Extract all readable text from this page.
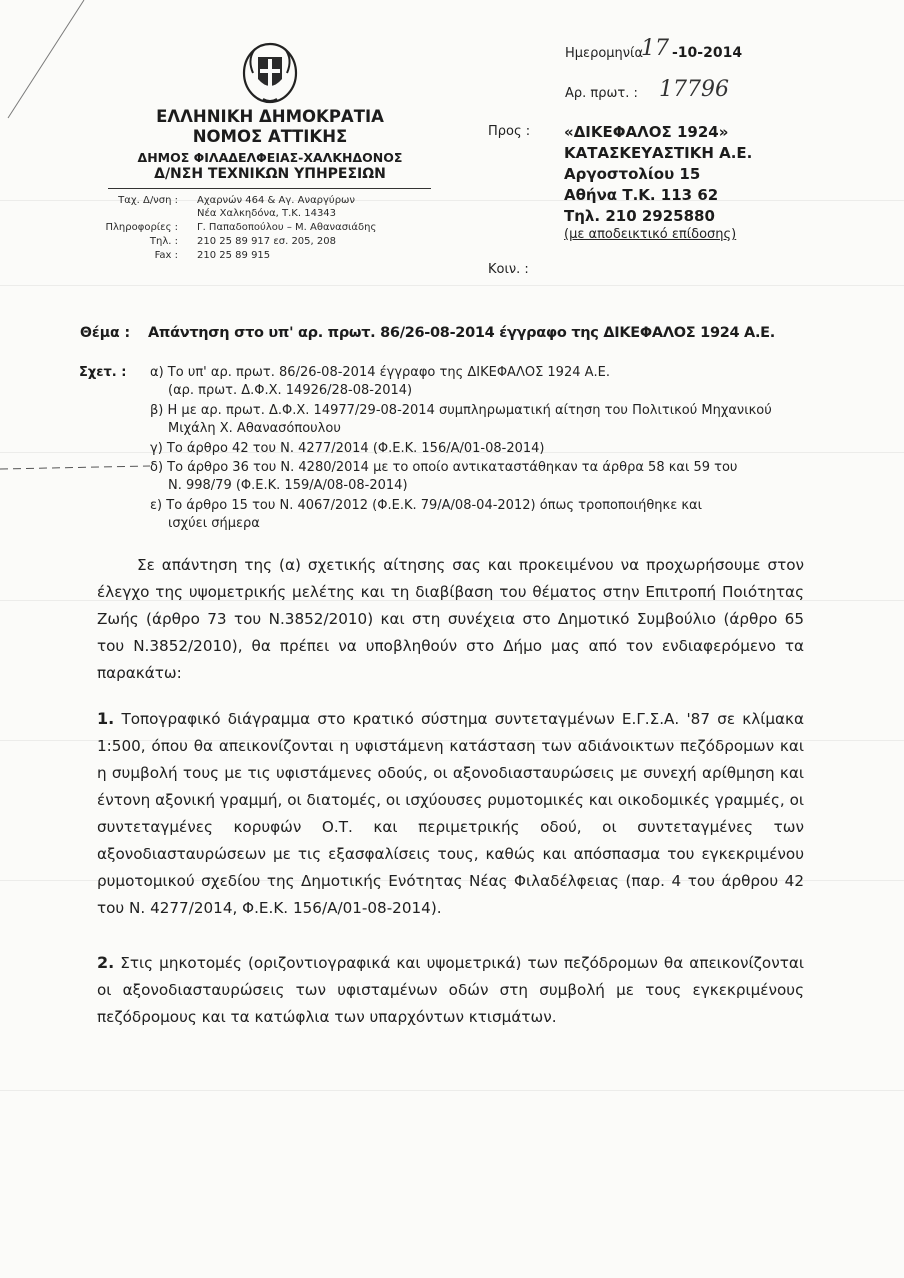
ΕΛΛΗΝΙΚΗ ΔΗΜΟΚΡΑΤΙΑ
ΝΟΜΟΣ ΑΤΤΙΚΗΣ
ΔΗΜΟΣ ΦΙΛΑΔΕΛΦΕΙΑΣ-ΧΑΛΚΗΔΟΝΟΣ
Δ/ΝΣΗ ΤΕΧΝΙΚΩΝ ΥΠΗΡΕΣΙΩΝ
Ταχ. Δ/νση : Αχαρνών 464 & Αγ. Αναργύρων
Νέα Χαλκηδόνα, Τ.Κ. 14343
Πληροφορίες : Γ. Παπαδοπούλου – Μ. Αθανασιάδης
Τηλ. : 210 25 89 917 εσ. 205, 208
Fax : 210 25 89 915
Ημερομηνία
17 -10-2014
Αρ. πρωτ. : 17796
Προς : «ΔΙΚΕΦΑΛΟΣ 1924»
ΚΑΤΑΣΚΕΥΑΣΤΙΚΗ Α.Ε.
Αργοστολίου 15
Αθήνα Τ.Κ. 113 62
Τηλ. 210 2925880
(με αποδεικτικό επίδοσης)
Κοιν. :
Θέμα : Απάντηση στο υπ' αρ. πρωτ. 86/26-08-2014 έγγραφο της ΔΙΚΕΦΑΛΟΣ 1924 Α.Ε.
Σχετ. : α) Το υπ' αρ. πρωτ. 86/26-08-2014 έγγραφο της ΔΙΚΕΦΑΛΟΣ 1924 Α.Ε.
(αρ. πρωτ. Δ.Φ.Χ. 14926/28-08-2014)
β) Η με αρ. πρωτ. Δ.Φ.Χ. 14977/29-08-2014 συμπληρωματική αίτηση του Πολιτικού Μηχανικού
Μιχάλη Χ. Αθανασόπουλου
γ) Το άρθρο 42 του Ν. 4277/2014 (Φ.Ε.Κ. 156/Α/01-08-2014)
δ) Το άρθρο 36 του Ν. 4280/2014 με το οποίο αντικαταστάθηκαν τα άρθρα 58 και 59 του
Ν. 998/79 (Φ.Ε.Κ. 159/Α/08-08-2014)
ε) Το άρθρο 15 του Ν. 4067/2012 (Φ.Ε.Κ. 79/Α/08-04-2012) όπως τροποποιήθηκε και
ισχύει σήμερα
Σε απάντηση της (α) σχετικής αίτησης σας και προκειμένου να προχωρήσουμε στον έλεγχο της υψομετρικής μελέτης και τη διαβίβαση του θέματος στην Επιτροπή Ποιότητας Ζωής (άρθρο 73 του Ν.3852/2010) και στη συνέχεια στο Δημοτικό Συμβούλιο (άρθρο 65 του Ν.3852/2010), θα πρέπει να υποβληθούν στο Δήμο μας από τον ενδιαφερόμενο τα παρακάτω:
1. Τοπογραφικό διάγραμμα στο κρατικό σύστημα συντεταγμένων Ε.Γ.Σ.Α. '87 σε κλίμακα 1:500, όπου θα απεικονίζονται η υφιστάμενη κατάσταση των αδιάνοικτων πεζόδρομων και η συμβολή τους με τις υφιστάμενες οδούς, οι αξονοδιασταυρώσεις με συνεχή αρίθμηση και έντονη αξονική γραμμή, οι διατομές, οι ισχύουσες ρυμοτομικές και οικοδομικές γραμμές, οι συντεταγμένες κορυφών Ο.Τ. και περιμετρικής οδού, οι συντεταγμένες των αξονοδιασταυρώσεων με τις εξασφαλίσεις τους, καθώς και απόσπασμα του εγκεκριμένου ρυμοτομικού σχεδίου της Δημοτικής Ενότητας Νέας Φιλαδέλφειας (παρ. 4 του άρθρου 42 του Ν. 4277/2014, Φ.Ε.Κ. 156/Α/01-08-2014).
2. Στις μηκοτομές (οριζοντιογραφικά και υψομετρικά) των πεζόδρομων θα απεικονίζονται οι αξονοδιασταυρώσεις των υφισταμένων οδών στη συμβολή με τους εγκεκριμένους πεζόδρομους και τα κατώφλια των υπαρχόντων κτισμάτων.
